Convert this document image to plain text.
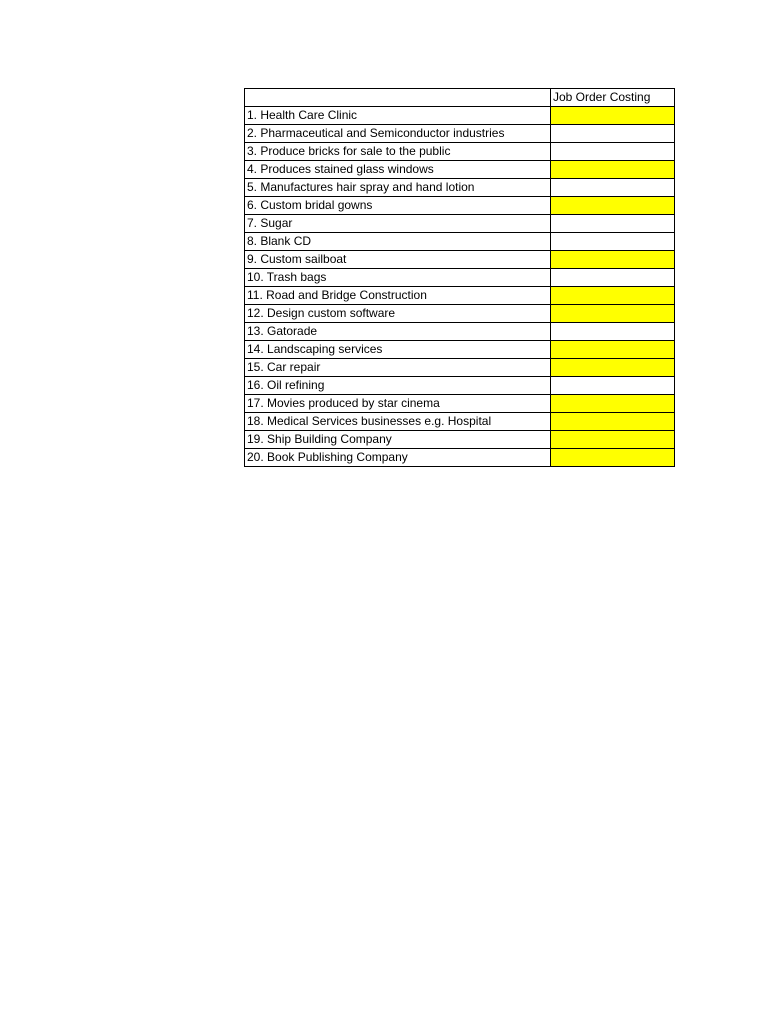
	Job Order Costing
1. Health Care Clinic	
2. Pharmaceutical and Semiconductor industries	
3. Produce bricks for sale to the public	
4. Produces stained glass windows	
5. Manufactures hair spray and hand lotion	
6. Custom bridal gowns	
7. Sugar	
8. Blank CD	
9. Custom sailboat	
10. Trash bags	
11. Road and Bridge Construction	
12. Design custom software	
13. Gatorade	
14. Landscaping services	
15. Car repair	
16. Oil refining	
17. Movies produced by star cinema	
18. Medical Services businesses e.g. Hospital	
19. Ship Building Company	
20. Book Publishing Company	
